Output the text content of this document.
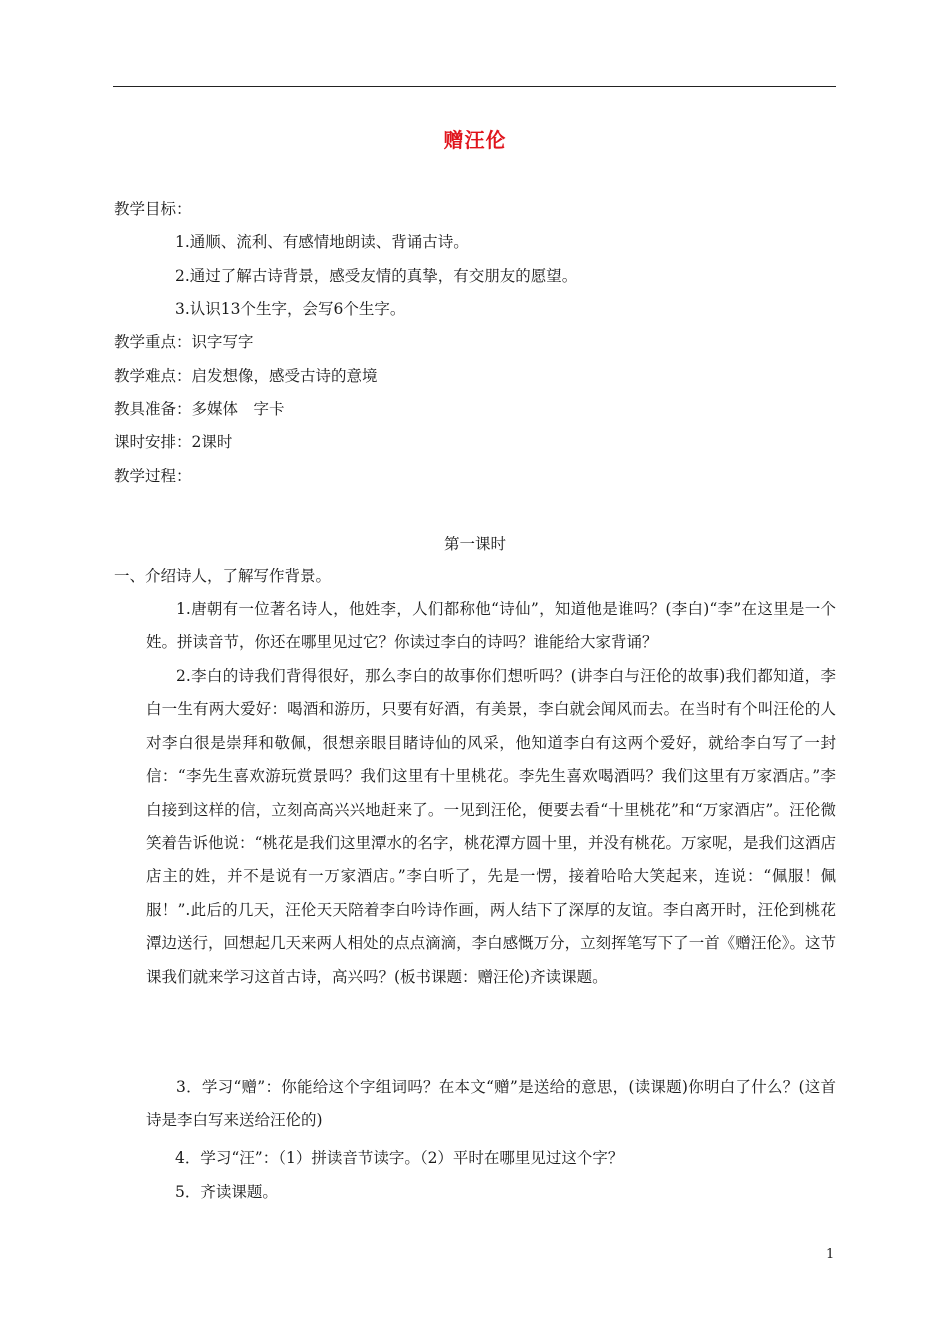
赠汪伦
教学目标：
1.通顺、流利、有感情地朗读、背诵古诗。
2.通过了解古诗背景，感受友情的真挚，有交朋友的愿望。
3.认识13个生字，会写6个生字。
教学重点：识字写字
教学难点：启发想像，感受古诗的意境
教具准备：多媒体　字卡
课时安排：2课时
教学过程：
第一课时
一、介绍诗人，了解写作背景。
1.唐朝有一位著名诗人，他姓李，人们都称他“诗仙”，知道他是谁吗？(李白)“李”在这里是一个姓。拼读音节，你还在哪里见过它？你读过李白的诗吗？谁能给大家背诵？
2.李白的诗我们背得很好，那么李白的故事你们想听吗？(讲李白与汪伦的故事)我们都知道，李白一生有两大爱好：喝酒和游历，只要有好酒，有美景，李白就会闻风而去。在当时有个叫汪伦的人对李白很是崇拜和敬佩，很想亲眼目睹诗仙的风采，他知道李白有这两个爱好，就给李白写了一封信：“李先生喜欢游玩赏景吗？我们这里有十里桃花。李先生喜欢喝酒吗？我们这里有万家酒店。”李白接到这样的信，立刻高高兴兴地赶来了。一见到汪伦，便要去看“十里桃花”和“万家酒店”。汪伦微笑着告诉他说：“桃花是我们这里潭水的名字，桃花潭方圆十里，并没有桃花。万家呢，是我们这酒店店主的姓，并不是说有一万家酒店。”李白听了，先是一愣，接着哈哈大笑起来，连说：“佩服！佩服！”.此后的几天，汪伦天天陪着李白吟诗作画，两人结下了深厚的友谊。李白离开时，汪伦到桃花潭边送行，回想起几天来两人相处的点点滴滴，李白感慨万分，立刻挥笔写下了一首《赠汪伦》。这节课我们就来学习这首古诗，高兴吗？(板书课题：赠汪伦)齐读课题。
3．学习“赠”：你能给这个字组词吗？在本文“赠”是送给的意思，(读课题)你明白了什么？(这首诗是李白写来送给汪伦的)
4．学习“汪”：（1）拼读音节读字。（2）平时在哪里见过这个字？
5．齐读课题。
1
